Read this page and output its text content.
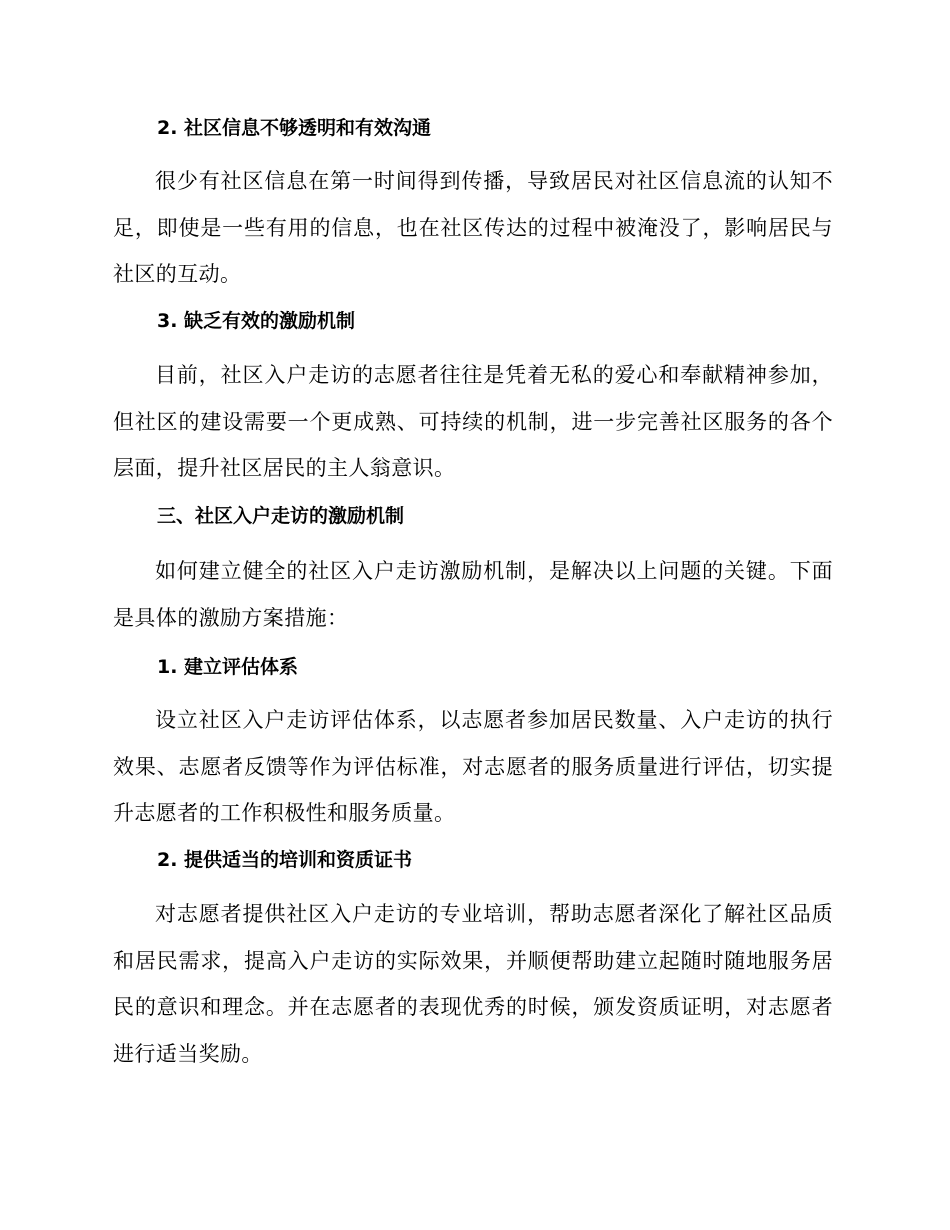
2. 社区信息不够透明和有效沟通
很少有社区信息在第一时间得到传播，导致居民对社区信息流的认知不足，即使是一些有用的信息，也在社区传达的过程中被淹没了，影响居民与社区的互动。
3. 缺乏有效的激励机制
目前，社区入户走访的志愿者往往是凭着无私的爱心和奉献精神参加，但社区的建设需要一个更成熟、可持续的机制，进一步完善社区服务的各个层面，提升社区居民的主人翁意识。
三、社区入户走访的激励机制
如何建立健全的社区入户走访激励机制，是解决以上问题的关键。下面是具体的激励方案措施：
1. 建立评估体系
设立社区入户走访评估体系，以志愿者参加居民数量、入户走访的执行效果、志愿者反馈等作为评估标准，对志愿者的服务质量进行评估，切实提升志愿者的工作积极性和服务质量。
2. 提供适当的培训和资质证书
对志愿者提供社区入户走访的专业培训，帮助志愿者深化了解社区品质和居民需求，提高入户走访的实际效果，并顺便帮助建立起随时随地服务居民的意识和理念。并在志愿者的表现优秀的时候，颁发资质证明，对志愿者进行适当奖励。
